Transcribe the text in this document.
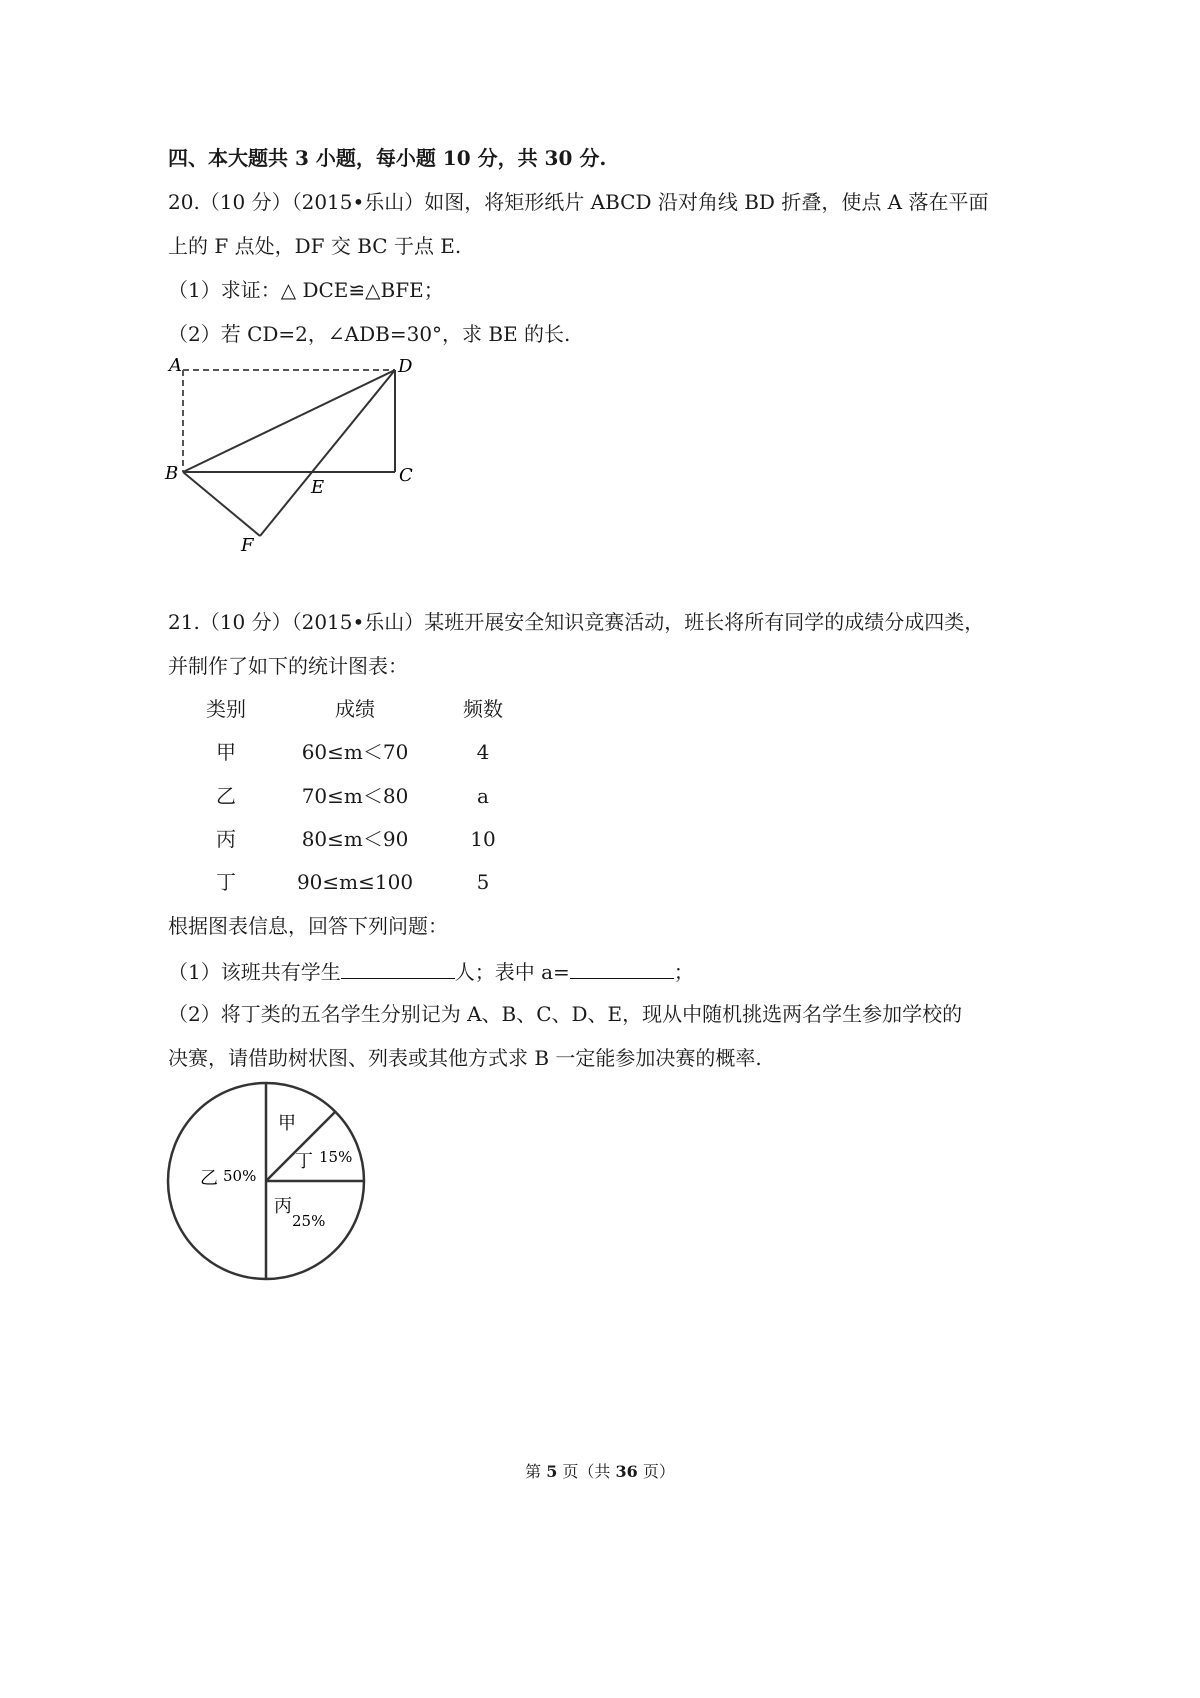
四、本大题共 3 小题，每小题 10 分，共 30 分.
20.（10 分）（2015•乐山）如图，将矩形纸片 ABCD 沿对角线 BD 折叠，使点 A 落在平面
上的 F 点处，DF 交 BC 于点 E.
（1）求证：△ DCE≌△BFE；
（2）若 CD=2，∠ADB=30°，求 BE 的长.
A	D
B	C
E
F
21.（10 分）（2015•乐山）某班开展安全知识竞赛活动，班长将所有同学的成绩分成四类，
并制作了如下的统计图表：
类别	成绩	频数
甲	60≤m＜70	4
乙	70≤m＜80	a
丙	80≤m＜90	10
丁	90≤m≤100	5
根据图表信息，回答下列问题：
（1）该班共有学生	人；表中 a=	；
（2）将丁类的五名学生分别记为 A、B、C、D、E，现从中随机挑选两名学生参加学校的
决赛，请借助树状图、列表或其他方式求 B 一定能参加决赛的概率.
甲
丁 15%
乙 50%
丙
25%
第 5 页（共 36 页）
